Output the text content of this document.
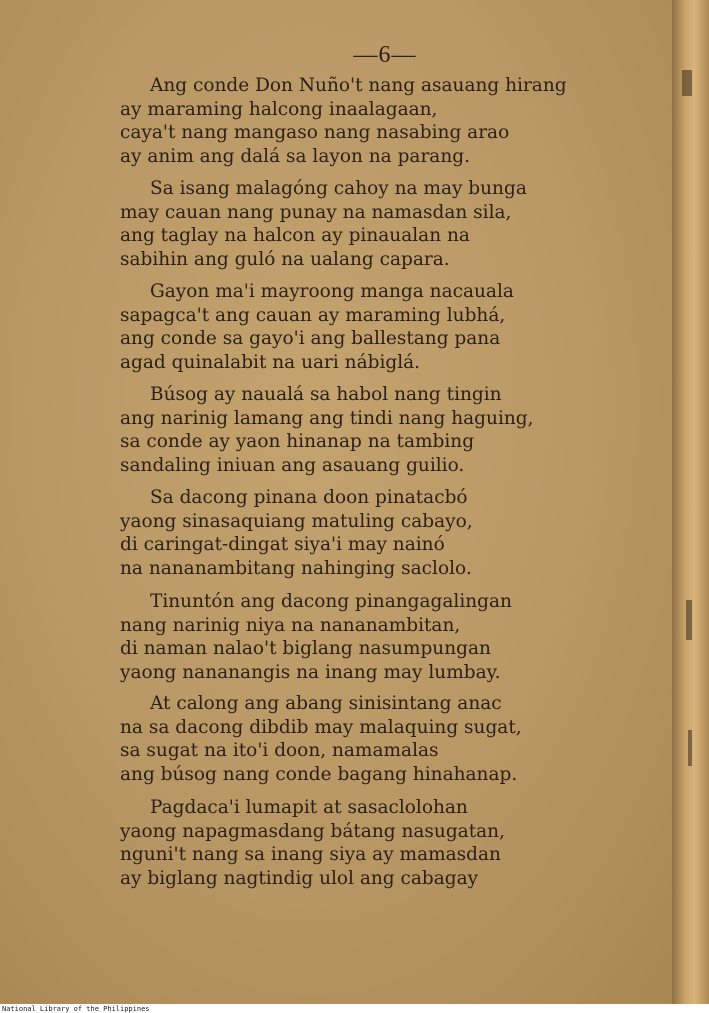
—6—
Ang conde Don Nuño't nang asauang hirang
ay maraming halcong inaalagaan,
caya't nang mangaso nang nasabing arao
ay anim ang dalá sa layon na parang.
Sa isang malagóng cahoy na may bunga
may cauan nang punay na namasdan sila,
ang taglay na halcon ay pinaualan na
sabihin ang guló na ualang capara.
Gayon ma'i mayroong manga nacauala
sapagca't ang cauan ay maraming lubhá,
ang conde sa gayo'i ang ballestang pana
agad quinalabit na uari nábiglá.
Búsog ay naualá sa habol nang tingin
ang narinig lamang ang tindi nang haguing,
sa conde ay yaon hinanap na tambing
sandaling iniuan ang asauang guilio.
Sa dacong pinana doon pinatacbó
yaong sinasaquiang matuling cabayo,
di caringat-dingat siya'i may nainó
na nananambitang nahinging saclolo.
Tinuntón ang dacong pinangagalingan
nang narinig niya na nananambitan,
di naman nalao't biglang nasumpungan
yaong nananangis na inang may lumbay.
At calong ang abang sinisintang anac
na sa dacong dibdib may malaquing sugat,
sa sugat na ito'i doon, namamalas
ang búsog nang conde bagang hinahanap.
Pagdaca'i lumapit at sasaclolohan
yaong napagmasdang bátang nasugatan,
nguni't nang sa inang siya ay mamasdan
ay biglang nagtindig ulol ang cabagay
National Library of the Philippines
